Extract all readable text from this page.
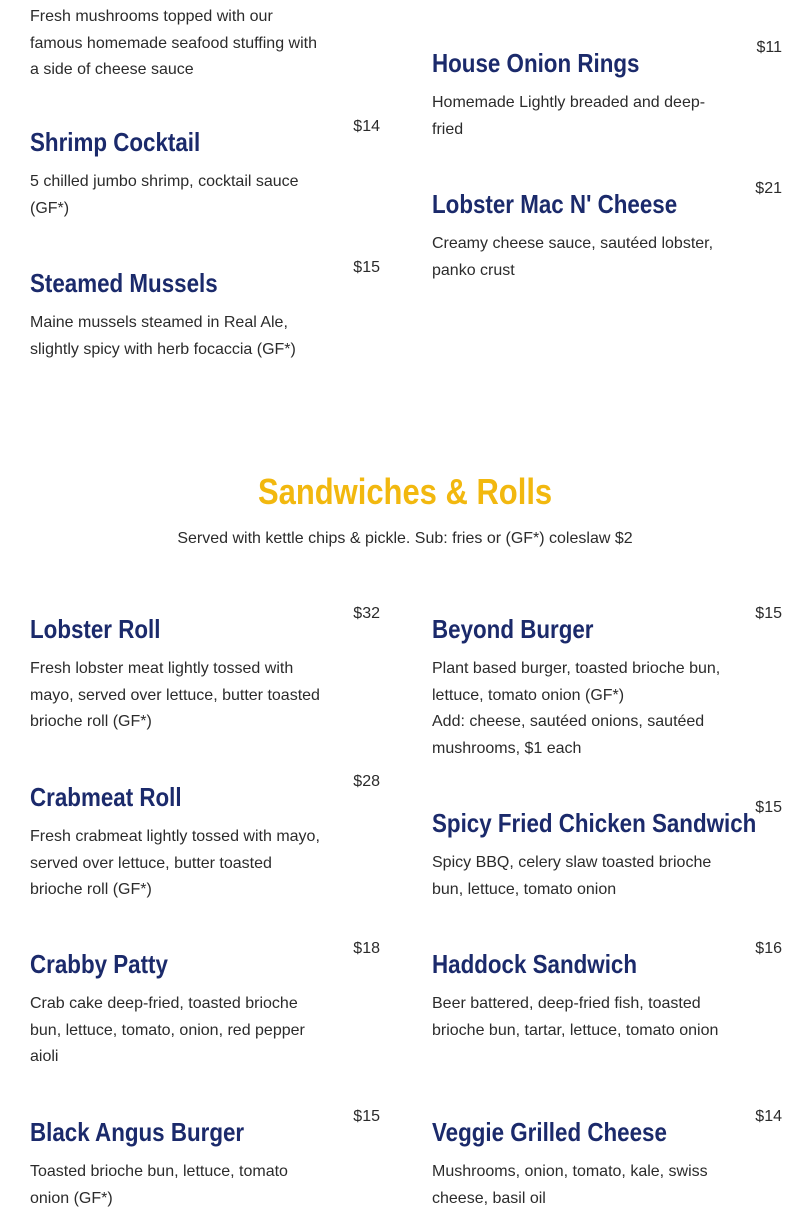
Fresh mushrooms topped with our famous homemade seafood stuffing with a side of cheese sauce
Shrimp Cocktail
$14
5 chilled jumbo shrimp, cocktail sauce (GF*)
Steamed Mussels
$15
Maine mussels steamed in Real Ale, slightly spicy with herb focaccia (GF*)
House Onion Rings
$11
Homemade Lightly breaded and deep-fried
Lobster Mac N' Cheese
$21
Creamy cheese sauce, sautéed lobster, panko crust
Sandwiches & Rolls
Served with kettle chips & pickle. Sub: fries or (GF*) coleslaw $2
Lobster Roll
$32
Fresh lobster meat lightly tossed with mayo, served over lettuce, butter toasted brioche roll (GF*)
Crabmeat Roll
$28
Fresh crabmeat lightly tossed with mayo, served over lettuce, butter toasted brioche roll (GF*)
Crabby Patty
$18
Crab cake deep-fried, toasted brioche bun, lettuce, tomato, onion, red pepper aioli
Black Angus Burger
$15
Toasted brioche bun, lettuce, tomato onion (GF*)
Beyond Burger
$15
Plant based burger, toasted brioche bun, lettuce, tomato onion (GF*)
Add: cheese, sautéed onions, sautéed mushrooms, $1 each
Spicy Fried Chicken Sandwich
$15
Spicy BBQ, celery slaw toasted brioche bun, lettuce, tomato onion
Haddock Sandwich
$16
Beer battered, deep-fried fish, toasted brioche bun, tartar, lettuce, tomato onion
Veggie Grilled Cheese
$14
Mushrooms, onion, tomato, kale, swiss cheese, basil oil
